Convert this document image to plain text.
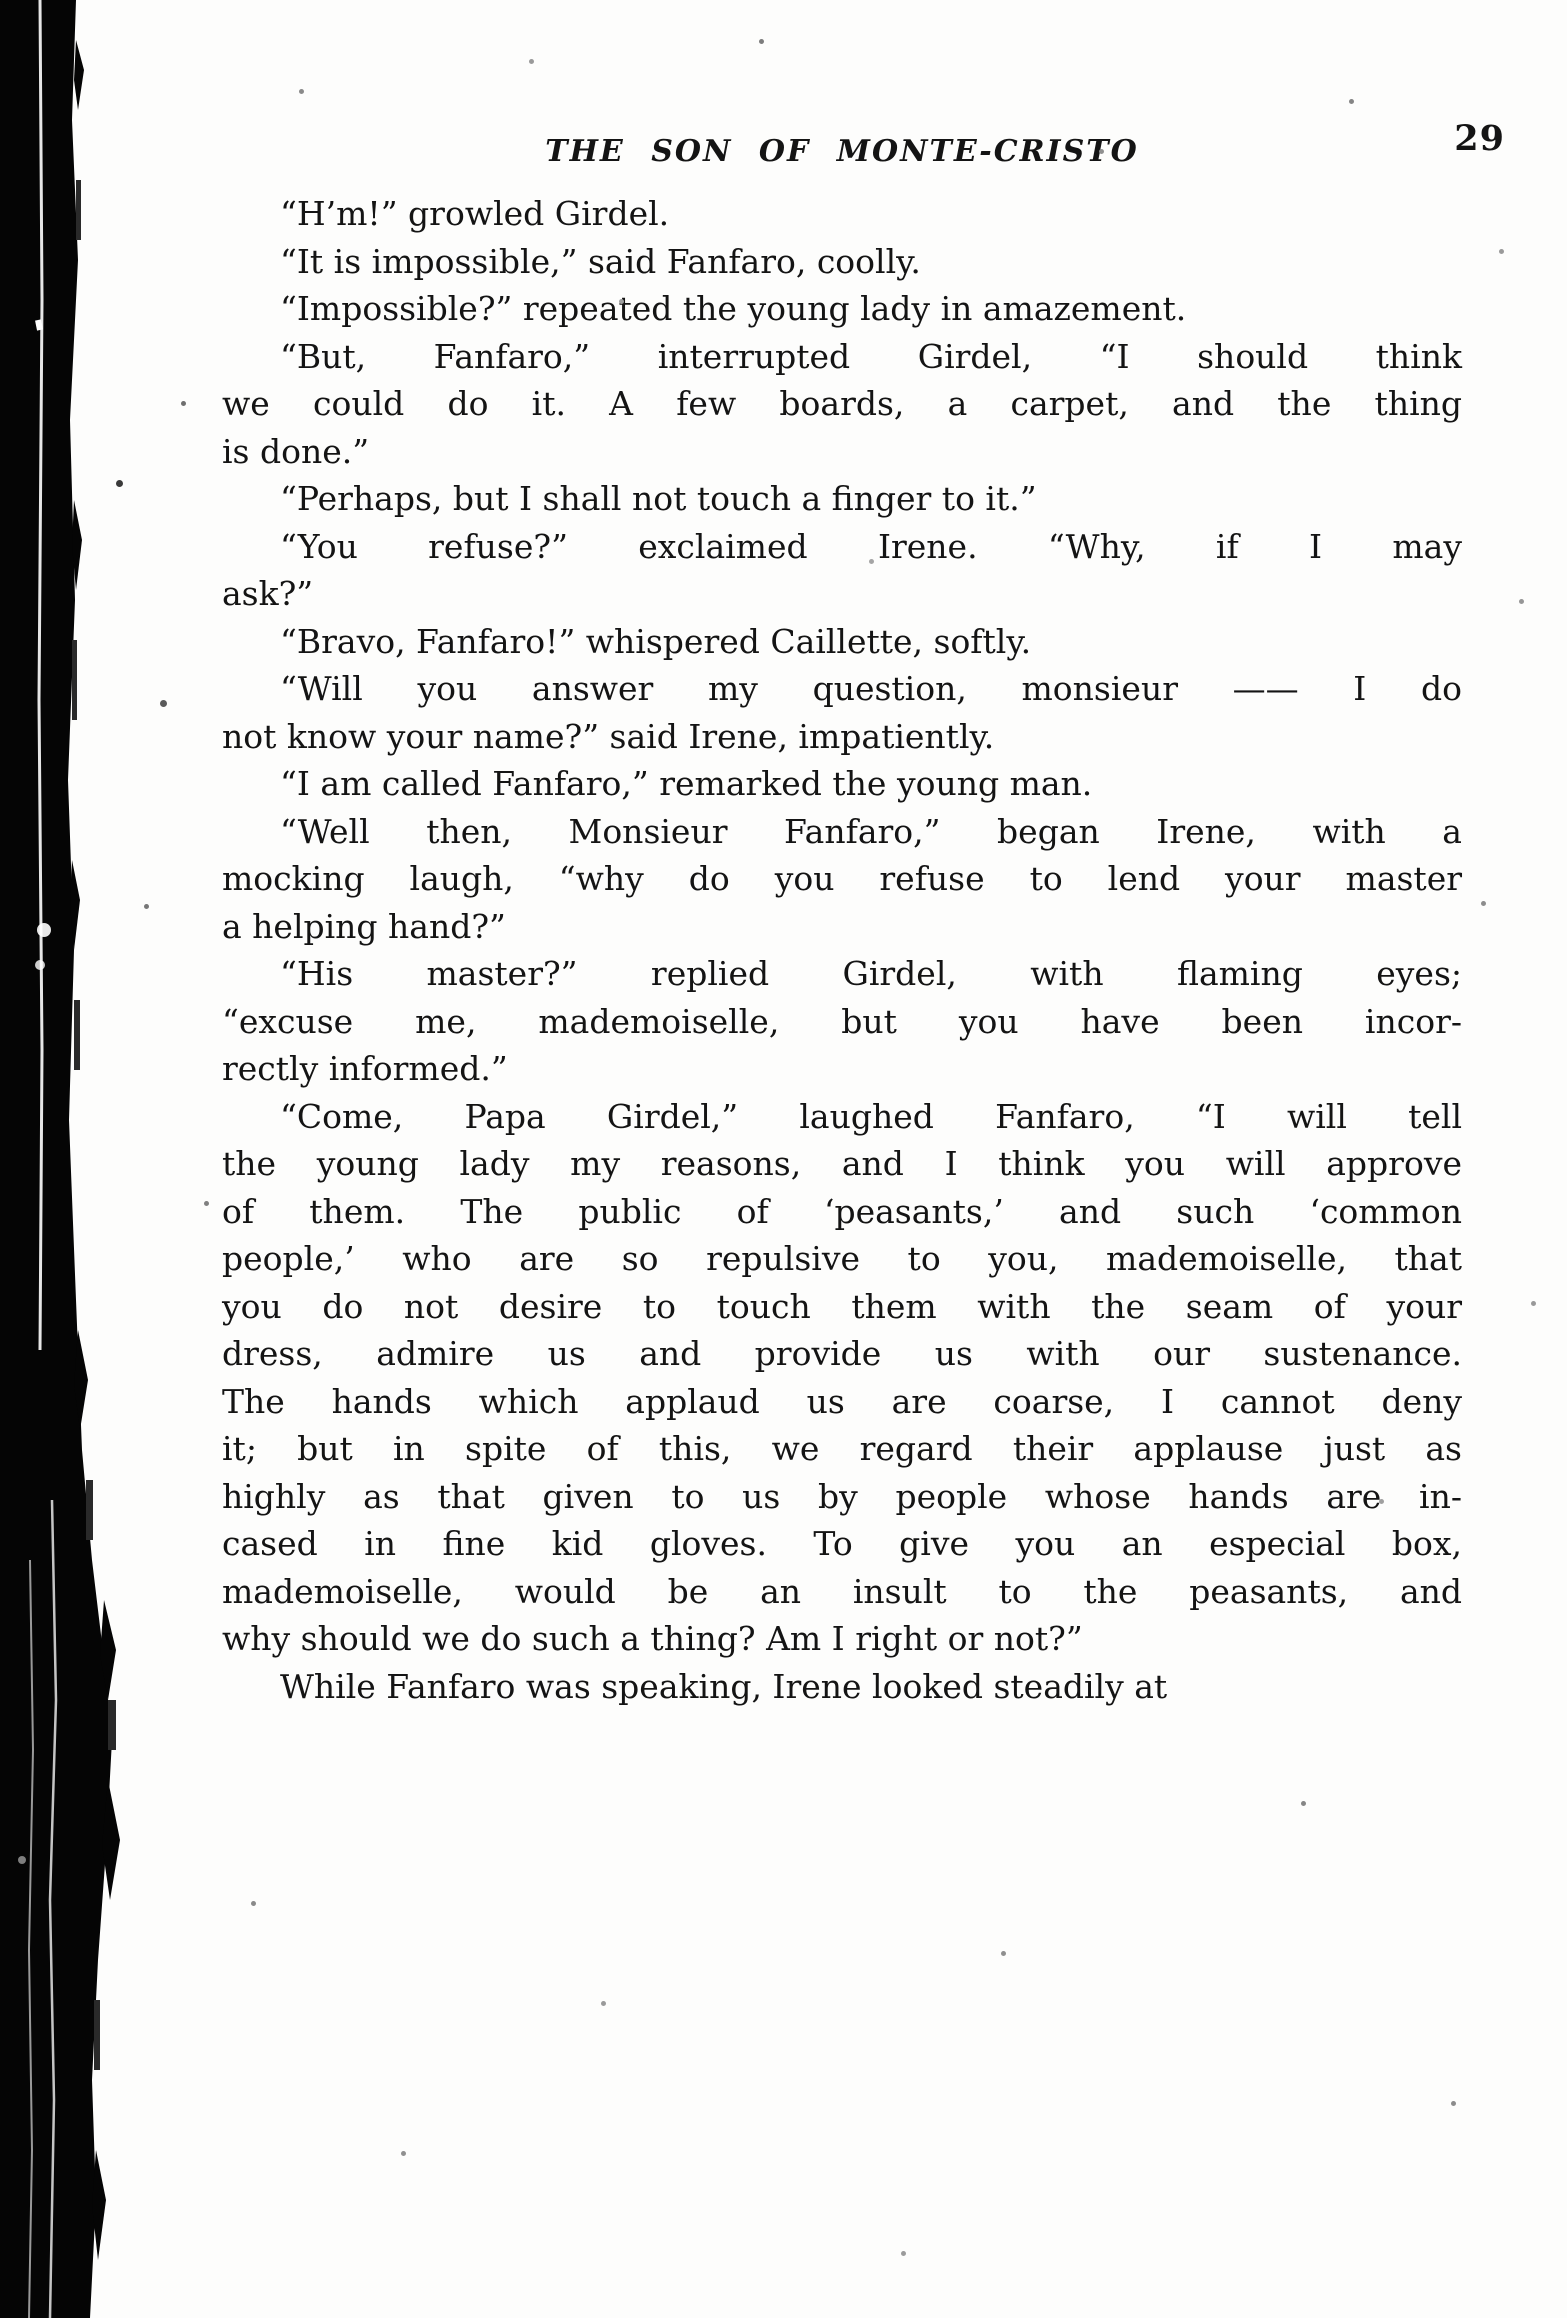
THE SON OF MONTE-CRISTO	29
“H’m!” growled Girdel.
“It is impossible,” said Fanfaro, coolly.
“Impossible?” repeated the young lady in amazement.
“But, Fanfaro,” interrupted Girdel, “I should think
we could do it. A few boards, a carpet, and the thing
is done.”
“Perhaps, but I shall not touch a finger to it.”
“You refuse?” exclaimed Irene. “Why, if I may
ask?”
“Bravo, Fanfaro!” whispered Caillette, softly.
“Will you answer my question, monsieur —— I do
not know your name?” said Irene, impatiently.
“I am called Fanfaro,” remarked the young man.
“Well then, Monsieur Fanfaro,” began Irene, with a
mocking laugh, “why do you refuse to lend your master
a helping hand?”
“His master?” replied Girdel, with flaming eyes;
“excuse me, mademoiselle, but you have been incor-
rectly informed.”
“Come, Papa Girdel,” laughed Fanfaro, “I will tell
the young lady my reasons, and I think you will approve
of them. The public of ‘peasants,’ and such ‘common
people,’ who are so repulsive to you, mademoiselle, that
you do not desire to touch them with the seam of your
dress, admire us and provide us with our sustenance.
The hands which applaud us are coarse, I cannot deny
it; but in spite of this, we regard their applause just as
highly as that given to us by people whose hands are in-
cased in fine kid gloves. To give you an especial box,
mademoiselle, would be an insult to the peasants, and
why should we do such a thing? Am I right or not?”
While Fanfaro was speaking, Irene looked steadily at
